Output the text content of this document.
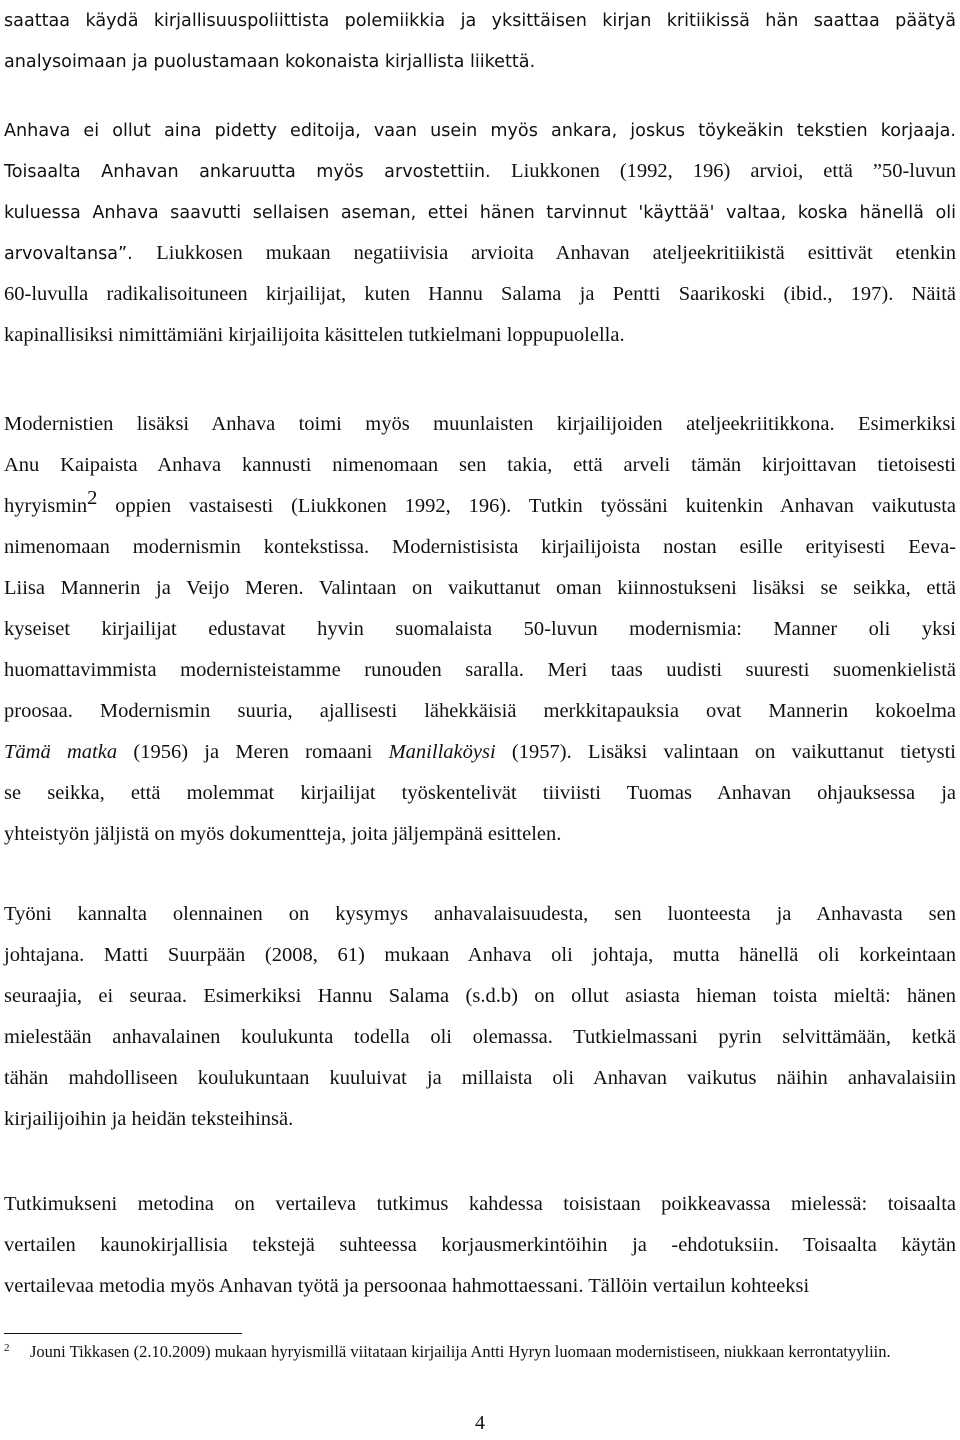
saattaa käydä kirjallisuuspoliittista polemiikkia ja yksittäisen kirjan kritiikissä hän saattaa päätyä
analysoimaan ja puolustamaan kokonaista kirjallista liikettä.
Anhava ei ollut aina pidetty editoija, vaan usein myös ankara, joskus töykeäkin tekstien korjaaja.
Toisaalta Anhavan ankaruutta myös arvostettiin. Liukkonen (1992, 196) arvioi, että ”50-luvun
kuluessa Anhava saavutti sellaisen aseman, ettei hänen tarvinnut 'käyttää' valtaa, koska hänellä oli
arvovaltansa”. Liukkosen mukaan negatiivisia arvioita Anhavan ateljeekritiikistä esittivät etenkin
60-luvulla radikalisoituneen kirjailijat, kuten Hannu Salama ja Pentti Saarikoski (ibid., 197). Näitä
kapinallisiksi nimittämiäni kirjailijoita käsittelen tutkielmani loppupuolella.
Modernistien lisäksi Anhava toimi myös muunlaisten kirjailijoiden ateljeekriitikkona. Esimerkiksi
Anu Kaipaista Anhava kannusti nimenomaan sen takia, että arveli tämän kirjoittavan tietoisesti
hyryismin$^2$ oppien vastaisesti (Liukkonen 1992, 196). Tutkin työssäni kuitenkin Anhavan vaikutusta
nimenomaan modernismin kontekstissa. Modernistisista kirjailijoista nostan esille erityisesti Eeva-
Liisa Mannerin ja Veijo Meren. Valintaan on vaikuttanut oman kiinnostukseni lisäksi se seikka, että
kyseiset kirjailijat edustavat hyvin suomalaista 50-luvun modernismia: Manner oli yksi
huomattavimmista modernisteistamme runouden saralla. Meri taas uudisti suuresti suomenkielistä
proosaa. Modernismin suuria, ajallisesti lähekkäisiä merkkitapauksia ovat Mannerin kokoelma
Tämä matka (1956) ja Meren romaani Manillaköysi (1957). Lisäksi valintaan on vaikuttanut tietysti
se seikka, että molemmat kirjailijat työskentelivät tiiviisti Tuomas Anhavan ohjauksessa ja
yhteistyön jäljistä on myös dokumentteja, joita jäljempänä esittelen.
Työni kannalta olennainen on kysymys anhavalaisuudesta, sen luonteesta ja Anhavasta sen
johtajana. Matti Suurpään (2008, 61) mukaan Anhava oli johtaja, mutta hänellä oli korkeintaan
seuraajia, ei seuraa. Esimerkiksi Hannu Salama (s.d.b) on ollut asiasta hieman toista mieltä: hänen
mielestään anhavalainen koulukunta todella oli olemassa. Tutkielmassani pyrin selvittämään, ketkä
tähän mahdolliseen koulukuntaan kuuluivat ja millaista oli Anhavan vaikutus näihin anhavalaisiin
kirjailijoihin ja heidän teksteihinsä.
Tutkimukseni metodina on vertaileva tutkimus kahdessa toisistaan poikkeavassa mielessä: toisaalta
vertailen kaunokirjallisia tekstejä suhteessa korjausmerkintöihin ja -ehdotuksiin. Toisaalta käytän
vertailevaa metodia myös Anhavan työtä ja persoonaa hahmottaessani. Tällöin vertailun kohteeksi
2 Jouni Tikkasen (2.10.2009) mukaan hyryismillä viitataan kirjailija Antti Hyryn luomaan modernistiseen, niukkaan kerrontatyyliin.
4
